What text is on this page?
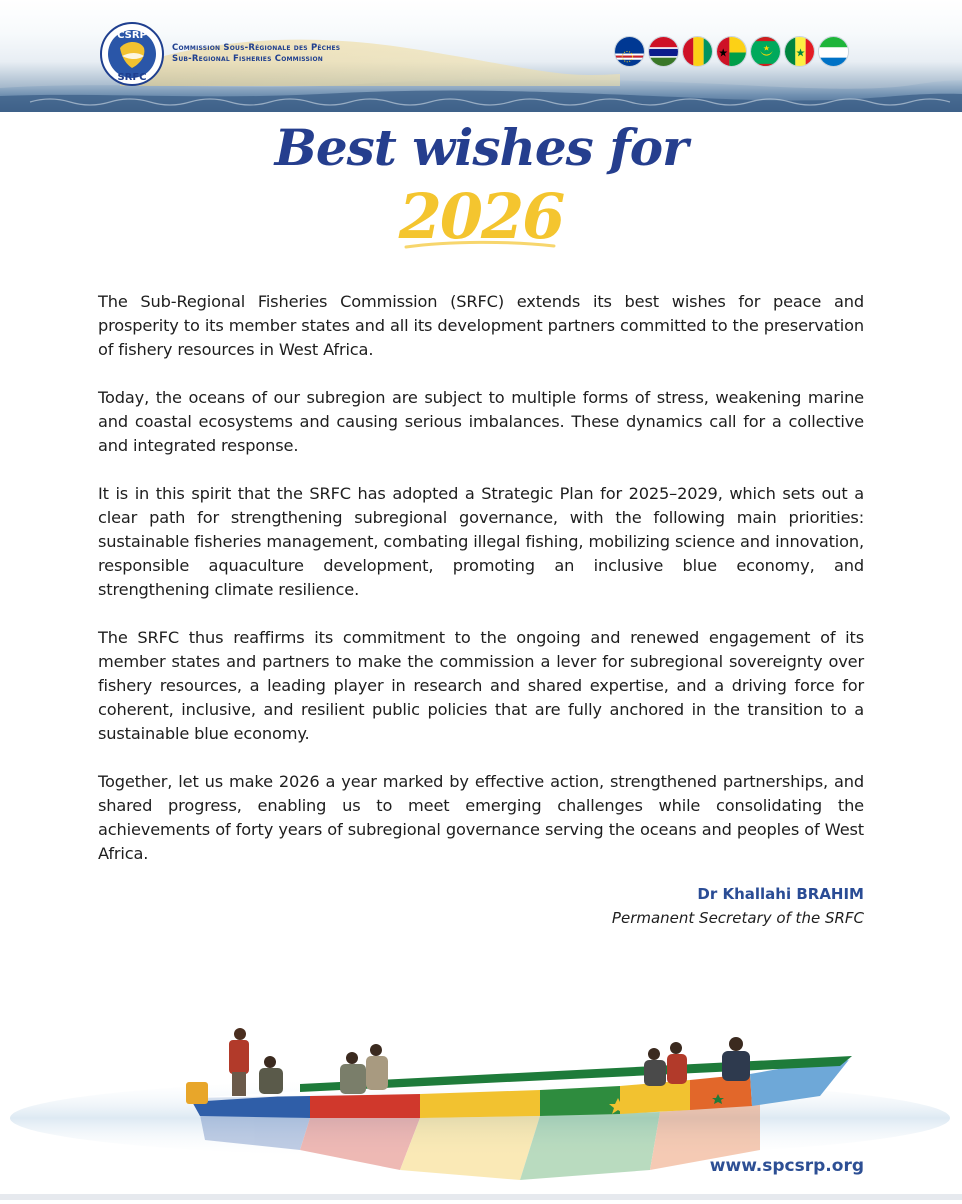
CSRP
SRFC
Commission Sous-Régionale des Pêches
Sub-Regional Fisheries Commission
Best wishes for
2026

The Sub-Regional Fisheries Commission (SRFC) extends its best wishes for peace and prosperity to its member states and all its development partners committed to the preservation of fishery resources in West Africa.

Today, the oceans of our subregion are subject to multiple forms of stress, weakening marine and coastal ecosystems and causing serious imbalances. These dynamics call for a collective and integrated response.

It is in this spirit that the SRFC has adopted a Strategic Plan for 2025–2029, which sets out a clear path for strengthening subregional governance, with the following main priorities: sustainable fisheries management, combating illegal fishing, mobilizing science and innovation, responsible aquaculture development, promoting an inclusive blue economy, and strengthening climate resilience.

The SRFC thus reaffirms its commitment to the ongoing and renewed engagement of its member states and partners to make the commission a lever for subregional sovereignty over fishery resources, a leading player in research and shared expertise, and a driving force for coherent, inclusive, and resilient public policies that are fully anchored in the transition to a sustainable blue economy.

Together, let us make 2026 a year marked by effective action, strengthened partnerships, and shared progress, enabling us to meet emerging challenges while consolidating the achievements of forty years of subregional governance serving the oceans and peoples of West Africa.

Dr Khallahi BRAHIM
Permanent Secretary of the SRFC
www.spcsrp.org
